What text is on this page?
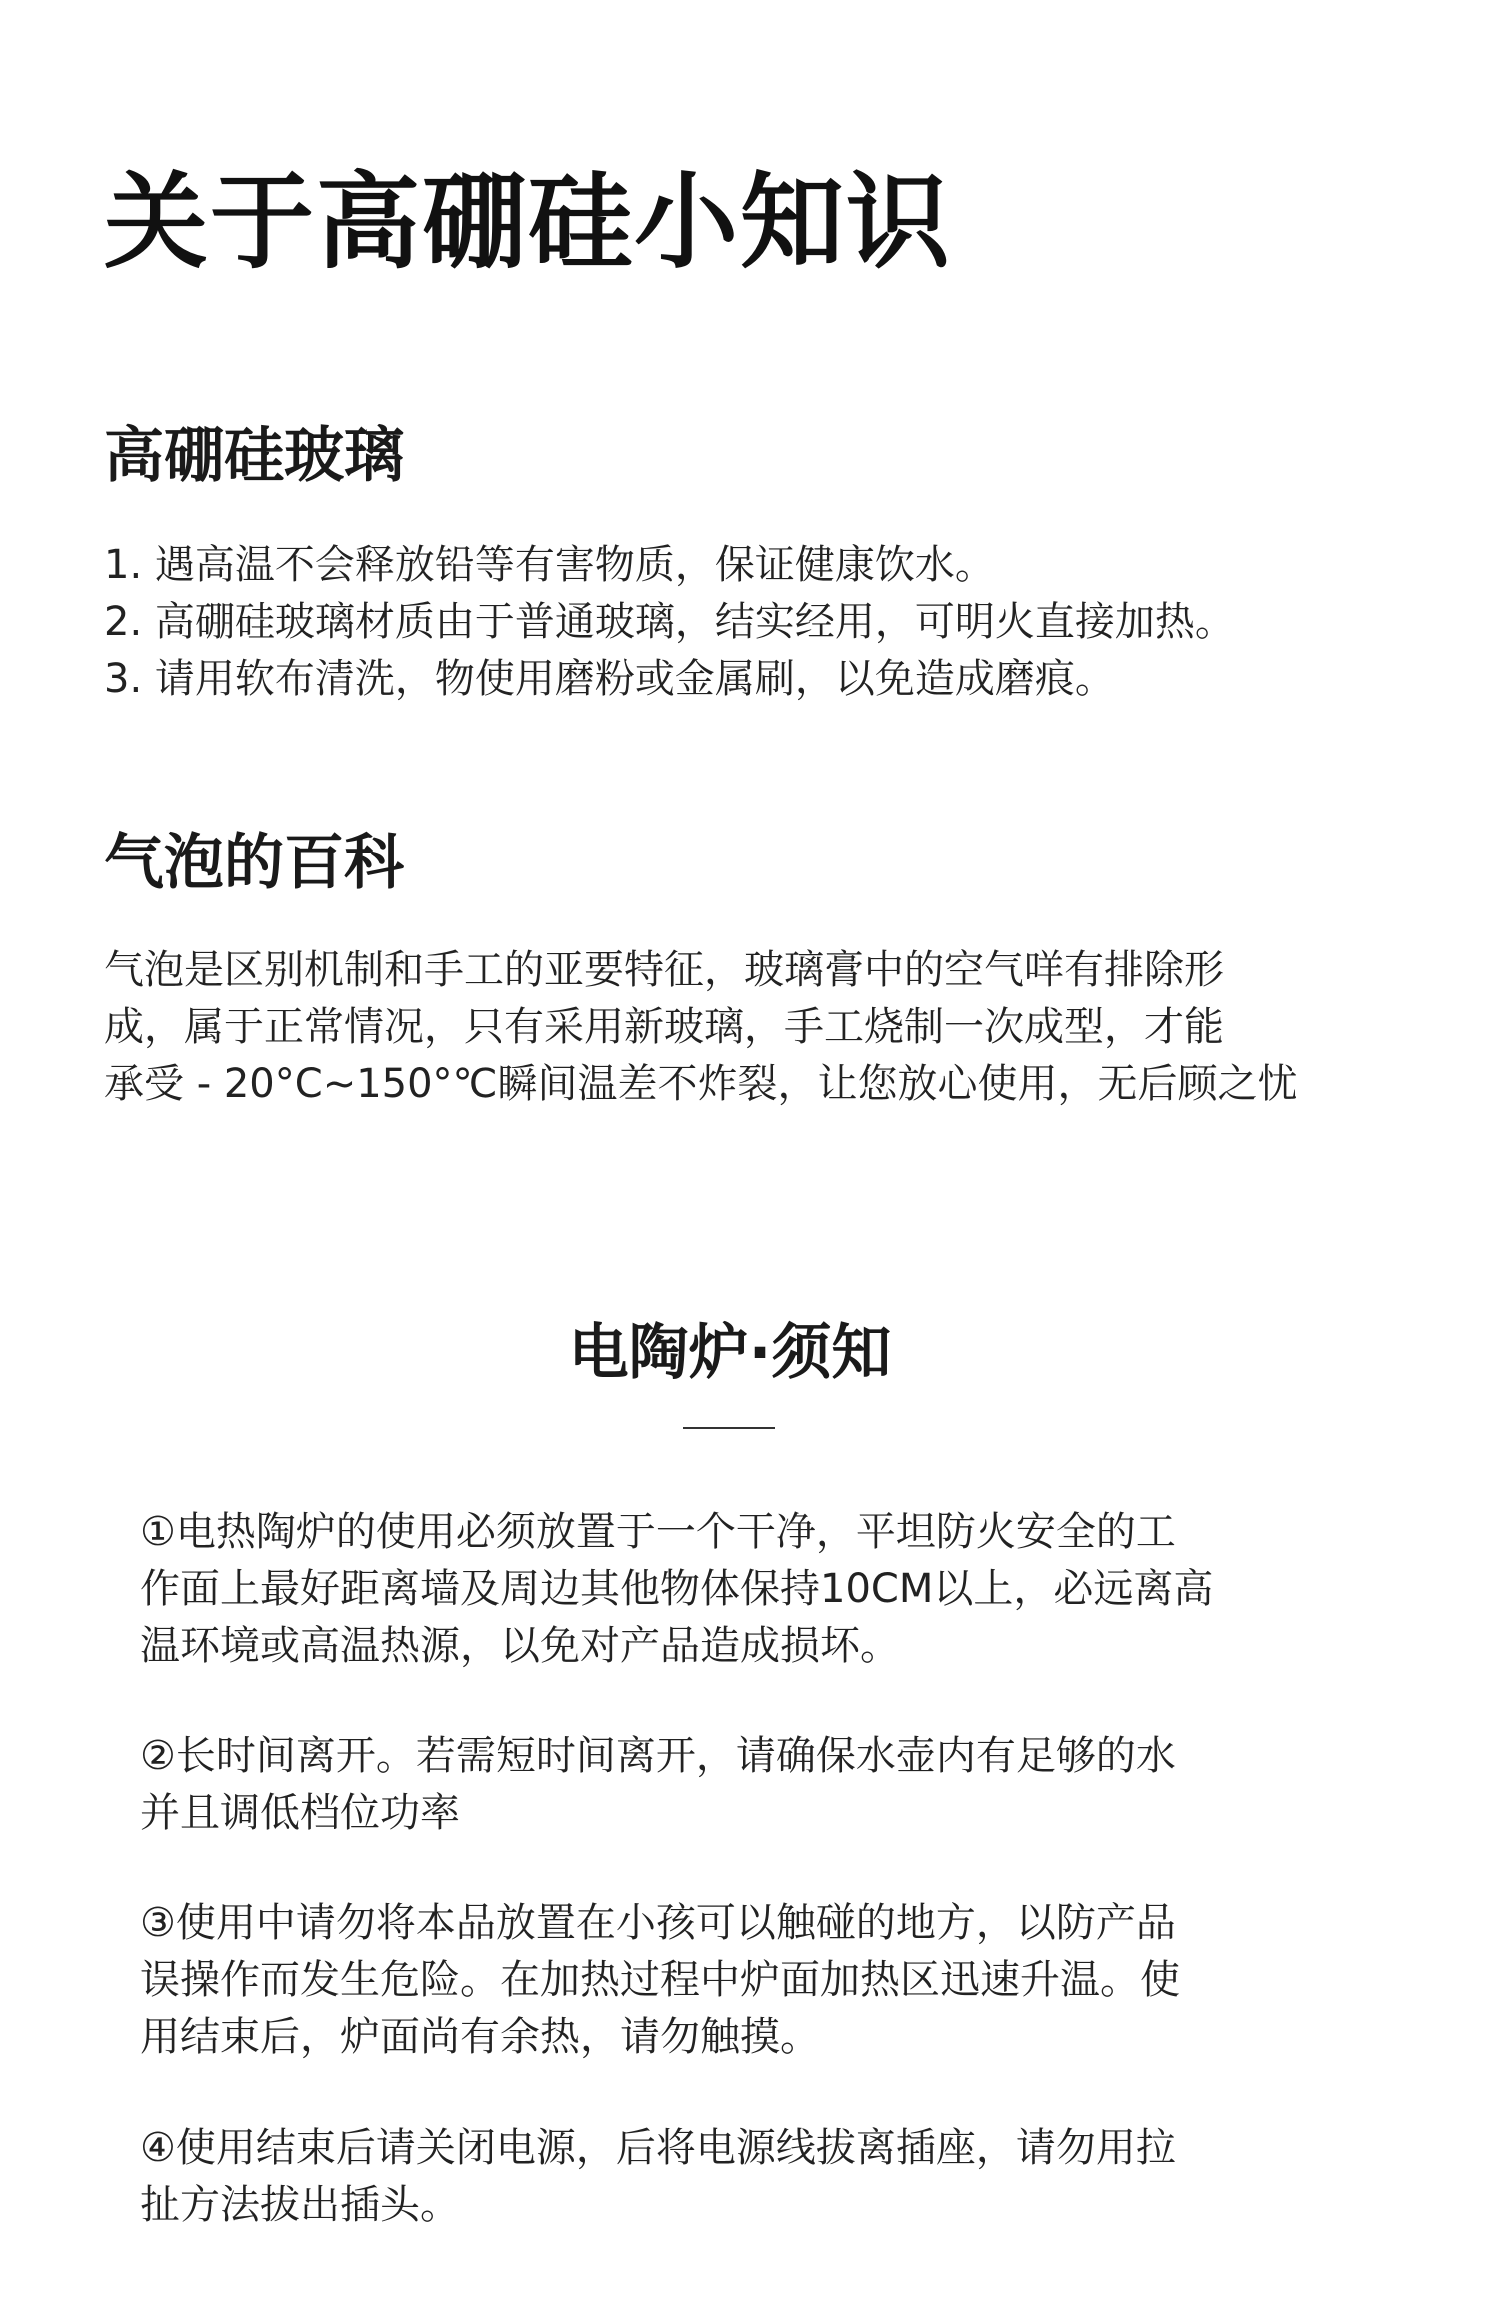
关于高硼硅小知识
高硼硅玻璃
1. 遇高温不会释放铅等有害物质，保证健康饮水。
2. 高硼硅玻璃材质由于普通玻璃，结实经用，可明火直接加热。
3. 请用软布清洗，物使用磨粉或金属刷，以免造成磨痕。
气泡的百科
气泡是区别机制和手工的亚要特征，玻璃膏中的空气咩有排除形
成，属于正常情况，只有采用新玻璃，手工烧制一次成型，才能
承受 - 20°C~150°℃瞬间温差不炸裂，让您放心使用，无后顾之忧
电陶炉·须知
①电热陶炉的使用必须放置于一个干净，平坦防火安全的工
作面上最好距离墙及周边其他物体保持10CM以上，必远离高
温环境或高温热源，以免对产品造成损坏。
②长时间离开。若需短时间离开，请确保水壶内有足够的水
并且调低档位功率
③使用中请勿将本品放置在小孩可以触碰的地方，以防产品
误操作而发生危险。在加热过程中炉面加热区迅速升温。使
用结束后，炉面尚有余热，请勿触摸。
④使用结束后请关闭电源，后将电源线拔离插座，请勿用拉
扯方法拔出插头。
